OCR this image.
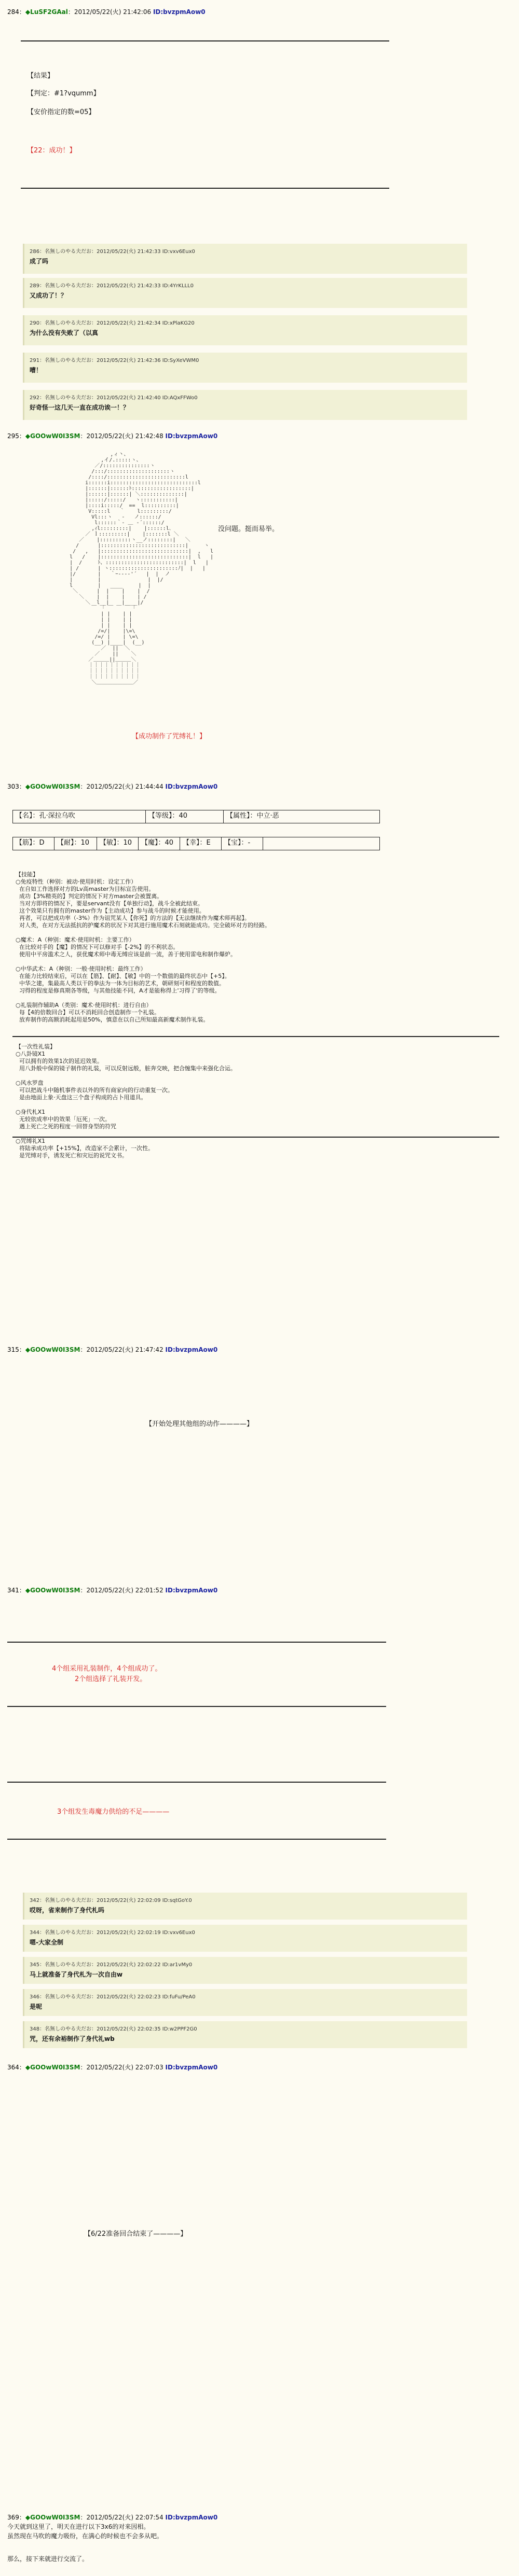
284：◆LuSF2GAal：2012/05/22(火) 21:42:06 ID:bvzpmAow0
【结果】
【判定：#1?vqumm】
【安价指定的数=05】
【22：成功！】
286：名無しのやる夫だお：2012/05/22(火) 21:42:33 ID:vxv6Eux0
成了吗
289：名無しのやる夫だお：2012/05/22(火) 21:42:33 ID:4YrKLLL0
又成功了！？
290：名無しのやる夫だお：2012/05/22(火) 21:42:34 ID:xPlaKG20
为什么没有失败了（以真
291：名無しのやる夫だお：2012/05/22(火) 21:42:36 ID:SyXeVWM0
嘈！
292：名無しのやる夫だお：2012/05/22(火) 21:42:40 ID:AQxFFWo0
好奇怪一这几天一直在成功诶一！？
295：◆GOOwW0I3SM：2012/05/22(火) 21:42:48 ID:bvzpmAow0

,ィ丶、
,イ/.:::::ヽ、
／/:::::::::::::::ヽ
/:::/::::::::::::::::::::ヽ
/::::/:::::::::::::::::::::::::l
i::::::i::::::::::::::::::::::::::::l
|::::::|::::::ﾄ:::::::::::::::::::|
|::::::|::::::| ＼::::::::::::::|
|:::::/:::::/   ヽ:::::::::::|
|::::i:::::/  ==  l::::::::::|
V:::::l   ｀    l:::::::::/
Vl:::ヽ   ‐   ノ::::::/
l::::::｀‐ ＿ ‐´::::::/
,ｨl:::::::::|    |::::::l､
／ ｌ:::::::::|    |:::::::l ＼
／    |::::::::::ヽ__ノ::::::::|   ＼
/      |:::::::::::::::::::::::::::|     ヽ
/   ,   |::::::::::::::::::::::::::::|  ,   l
l   /    |::::::::::::::::::::::::::::|  l   |
|  /     ﾄ、:::::::::::::::::::::::::|  l   |
| /      | ヽ::::::::::::::::::::::ﾉ|  |   |
|/       |   ｀ｰ--‐‐'´   |  |  ノ
|        |               |  |/
l        |   ____     |  |
＼      |  |    |    |  /
＼    |  |    |    | /
＼  l__|    |____|/
￣ 「 ￣ ￣ ￣ ｢
| |    | |
| |    | |
| |    | |
/=/|    |\=\
/=/ |    | \=\
(__) |____|  (__)
／  ||  ＼
／    ||    ＼
／＿＿＿||＿＿＿＼
｜｜｜｜｜｜｜｜｜｜
｜｜｜｜｜｜｜｜｜｜
｜｜｜｜｜｜｜｜｜｜
＼＿＿＿＿＿＿＿／

没问题。挺而易举。
【成功制作了咒缚礼！】
303：◆GOOwW0I3SM：2012/05/22(火) 21:44:44 ID:bvzpmAow0
【名】：孔·深拉乌吹	【等级】：40	【属性】：中立·恶
【筋】：D 【耐】：10 【敏】：10 【魔】：40 【幸】：E 【宝】：-
【技能】
○免疫特性（种别：被动·使用时机：设定工作）
在自如工作选择对方的Lv高master为目标宣告使用。
成功【3%精英的】判定的情况下对方master会被置离。
当对方即将的情况下，要是servant没有【单独行动】，战斗全被此结束。
这个效果只有拥有的master作为【主动成功】参与战斗的时候才能使用。
再者，可以把成功率（-3%）作为诅咒某人【你死】的方法的【无法继续作为魔术师再起】。
对人类，在对方无法抵抗的护魔术的状况下对其进行施用魔术石刻就能成功。完全破坏对方的经路。
○魔术：A（种别：魔术·使用时机：主要工作）
在比较对手的【魔】的情况下可以修对手【-2%】的不利状态。
使用中平房滥术之人，获优魔术师中毒无缚应该是前一流，善于使用雷电和制作爆炉。
○中华武术：A（种别：一般·使用时机：最终工作）
在能力比较结束后，可以在【筋】、【耐】、【敏】中的一个数值的最终状态中【+5】。
中华之建，集最高人类以干的拳法为一体为目标的艺术，朝研刻可和程度的数值。
习得的程度是修真期各等级，与其他技能不同，A才是能称得上'习得了'的等级。
○礼装制作辅助A（类别：魔术·使用时机：进行自由）
每【4的倍数回合】可以不消耗回合创造制作一个礼装。
放弃制作的高额消耗起用是50%，慎意在以自己所知最高新魔术制作礼装。
【一次性礼装】
○八卦镜X1
可以拥有的效果1次的延迟效果。
用八卦般中保的镜子制作的礼装，可以反射远般，脏奔交映，把合缠集中来强化合运。
○风水罗盘
可以把战斗中随机事件表以外的所有商家向的行动重复一次。
是由地面上象·天盘这三个盘子构成的占卜用道具。
○身代札X1
无较依成率中的效果「厄死」一次。
遇上死亡之死的程度一回替身型的符咒
○咒缚礼X1
将陆承成功率【+15%】，改造家不会累计，一次性。
是咒缚对手，诱发死亡和灾厄的说咒文书。
315：◆GOOwW0I3SM：2012/05/22(火) 21:47:42 ID:bvzpmAow0
【开始处理其他组的动作————】
341：◆GOOwW0I3SM：2012/05/22(火) 22:01:52 ID:bvzpmAow0
4个组采用礼装制作，4个组成功了。
2个组选择了礼装开发。
3个组发生毒魔力供给的不足————
342：名無しのやる夫だお：2012/05/22(火) 22:02:09 ID:sqtGoY.0
哎呀，省来制作了身代札吗
344：名無しのやる夫だお：2012/05/22(火) 22:02:19 ID:vxv6Eux0
嗯-大家全制
345：名無しのやる夫だお：2012/05/22(火) 22:02:22 ID:ar1vMy0
马上就准备了身代札为一次自由w
346：名無しのやる夫だお：2012/05/22(火) 22:02:23 ID:fuFu/PeA0
是呢
348：名無しのやる夫だお：2012/05/22(火) 22:02:35 ID:w2PPF2G0
咒，还有余裕制作了身代礼wb
364：◆GOOwW0I3SM：2012/05/22(火) 22:07:03 ID:bvzpmAow0
【6/22准备回合结束了————】
369：◆GOOwW0I3SM：2012/05/22(火) 22:07:54 ID:bvzpmAow0
今天就到这里了，明天在进行以下3x6的对来因相。
虽然现在马吹的魔力吸纷，在满心的时候也不会多从吧。
那么，接下来就进行交流了。
